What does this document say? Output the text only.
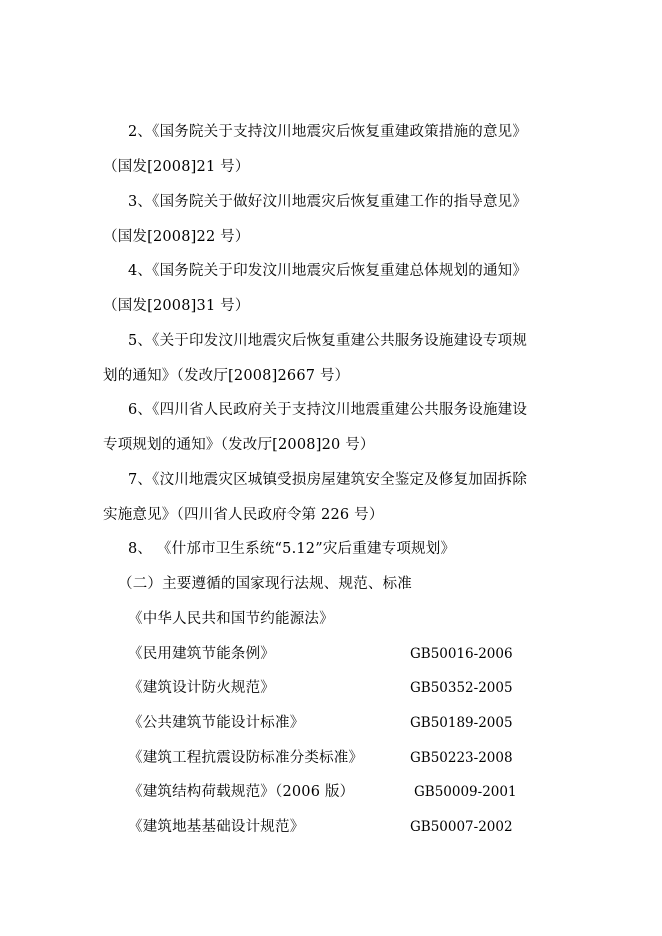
2、《国务院关于支持汶川地震灾后恢复重建政策措施的意见》
（国发[2008]21 号）
3、《国务院关于做好汶川地震灾后恢复重建工作的指导意见》
（国发[2008]22 号）
4、《国务院关于印发汶川地震灾后恢复重建总体规划的通知》
（国发[2008]31 号）
5、《关于印发汶川地震灾后恢复重建公共服务设施建设专项规
划的通知》（发改厅[2008]2667 号）
6、《四川省人民政府关于支持汶川地震重建公共服务设施建设
专项规划的通知》（发改厅[2008]20 号）
7、《汶川地震灾区城镇受损房屋建筑安全鉴定及修复加固拆除
实施意见》（四川省人民政府令第 226 号）
8、 《什邡市卫生系统“5.12”灾后重建专项规划》
（二）主要遵循的国家现行法规、规范、标准
《中华人民共和国节约能源法》
《民用建筑节能条例》	GB50016-2006
《建筑设计防火规范》	GB50352-2005
《公共建筑节能设计标准》	GB50189-2005
《建筑工程抗震设防标准分类标准》	GB50223-2008
《建筑结构荷载规范》（2006 版）	GB50009-2001
《建筑地基基础设计规范》	GB50007-2002
